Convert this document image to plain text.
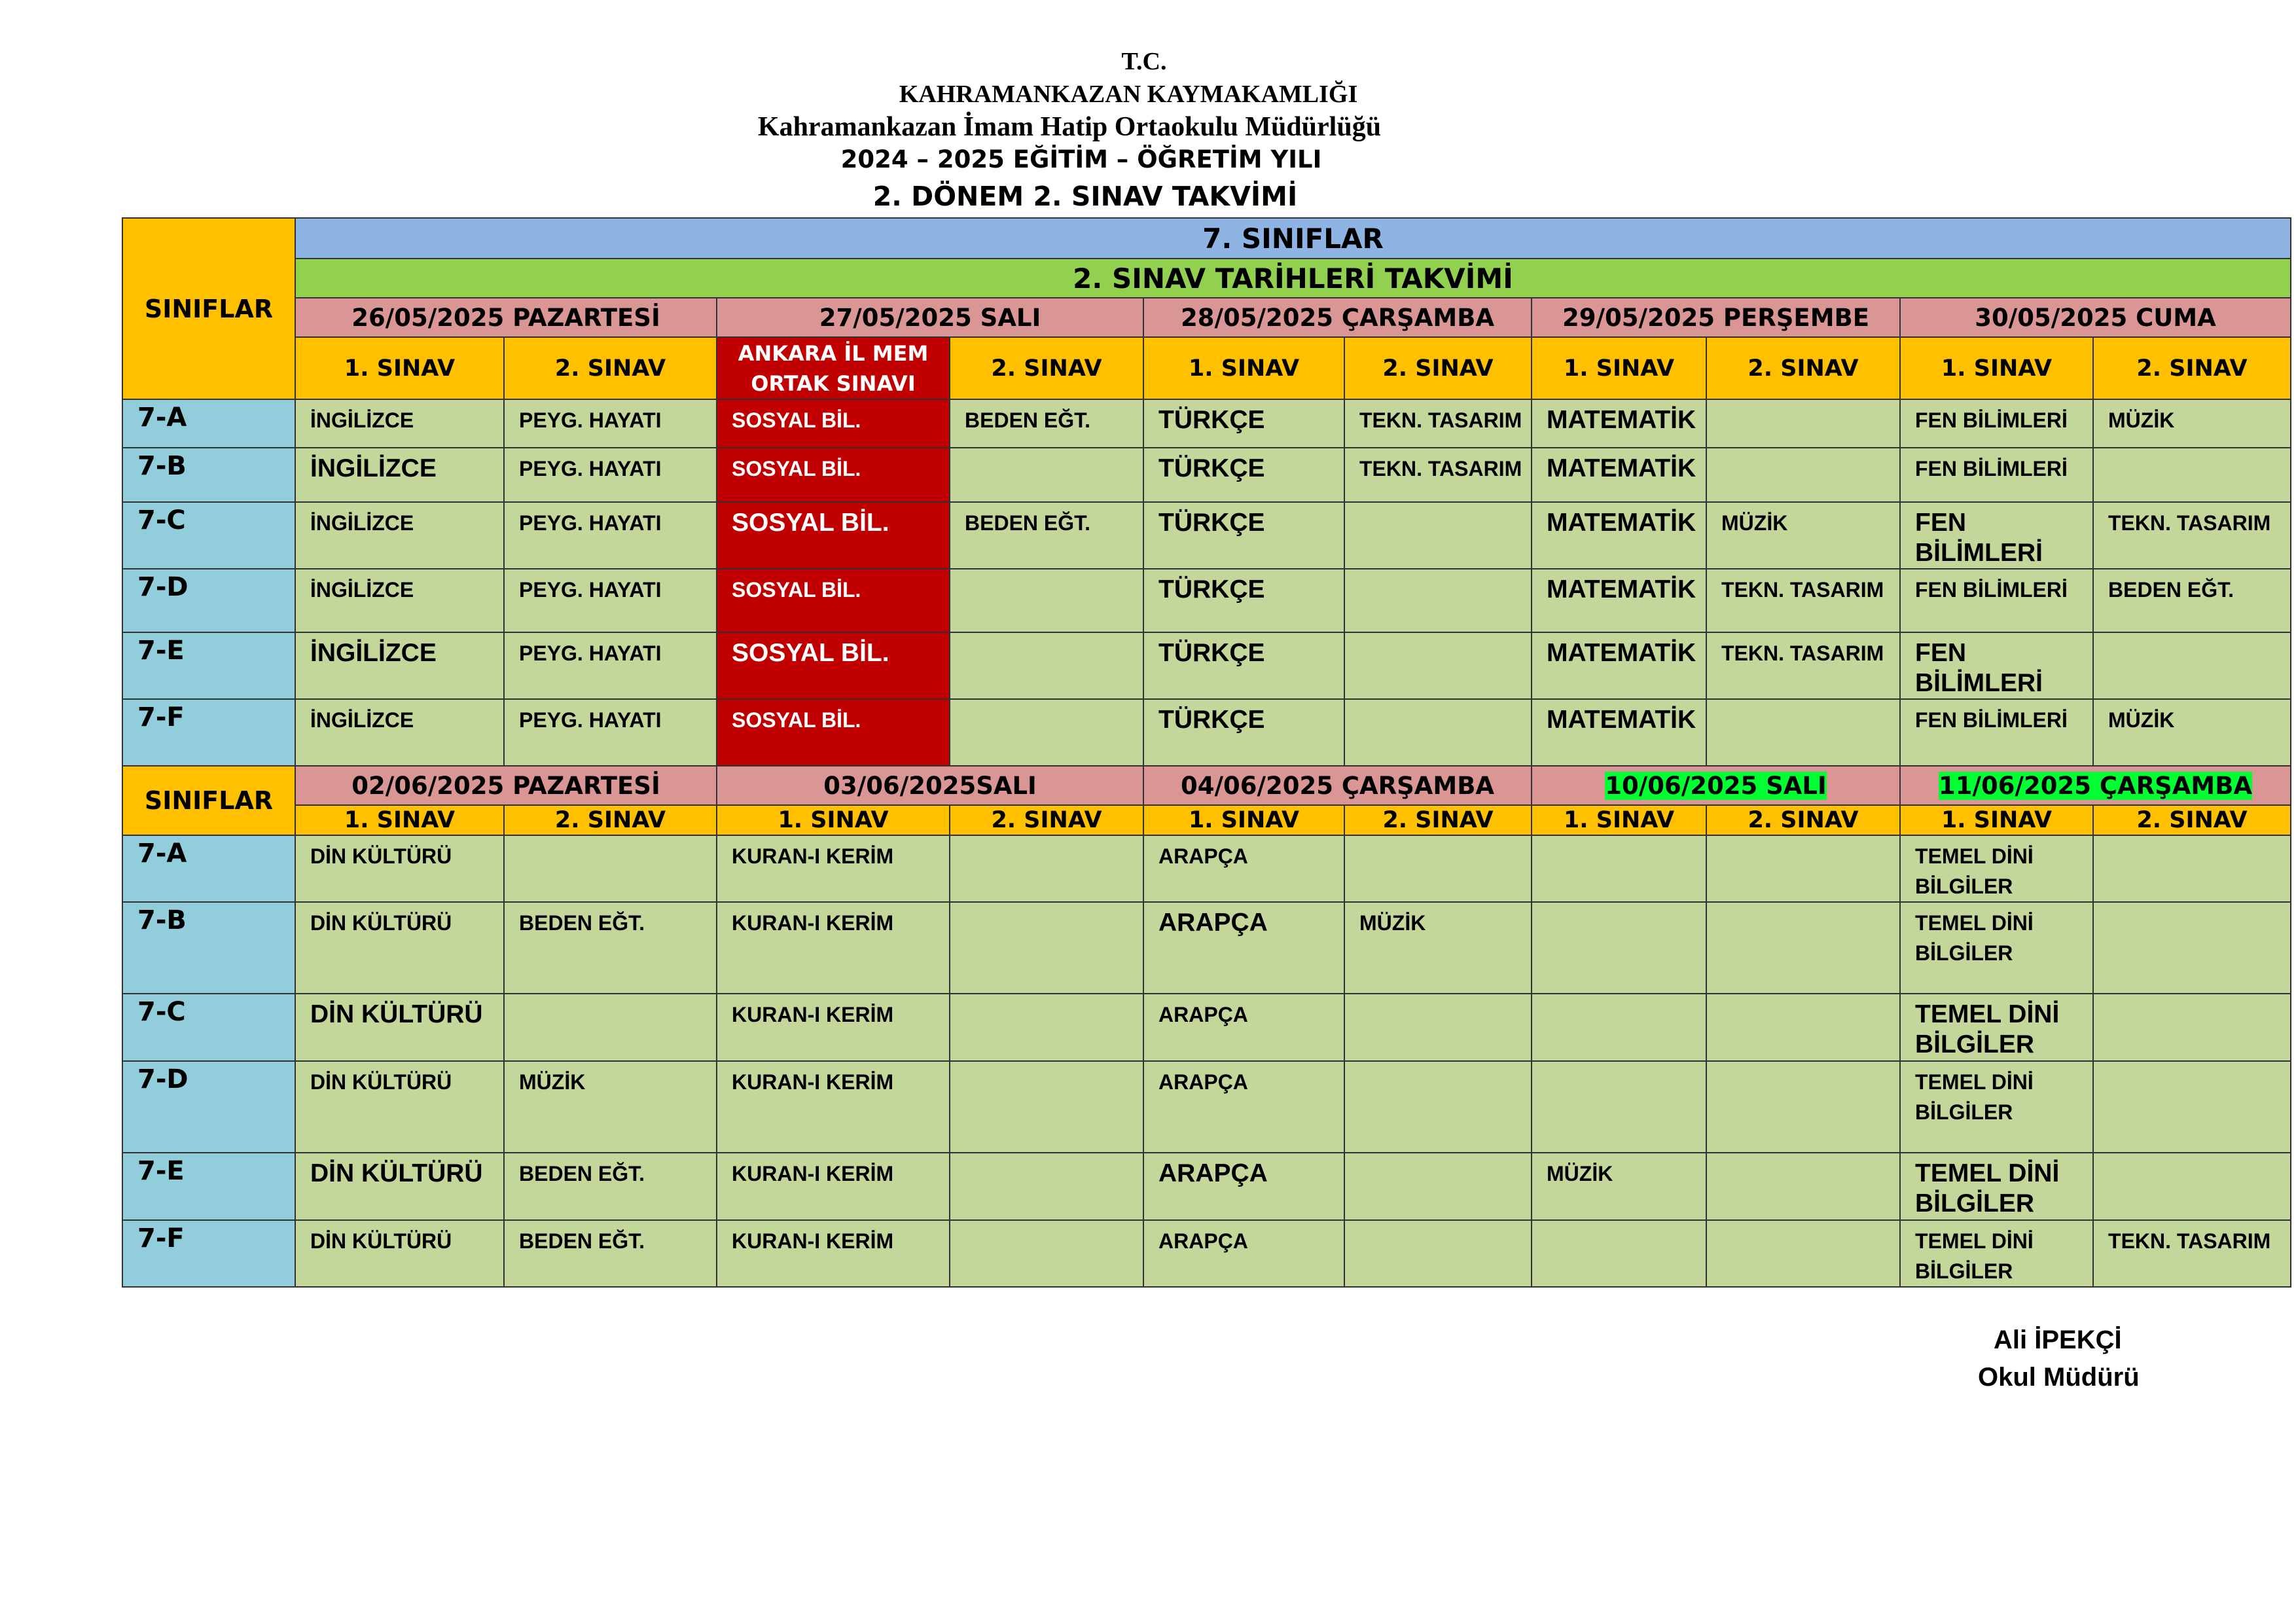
T.C.
KAHRAMANKAZAN KAYMAKAMLIĞI
Kahramankazan İmam Hatip Ortaokulu Müdürlüğü
2024 – 2025 EĞİTİM – ÖĞRETİM YILI
2. DÖNEM 2. SINAV TAKVİMİ
SINIFLAR	7. SINIFLAR									
	2. SINAV TARİHLERİ TAKVİMİ									
	26/05/2025 PAZARTESİ		27/05/2025 SALI		28/05/2025 ÇARŞAMBA		29/05/2025 PERŞEMBE		30/05/2025 CUMA	
	1. SINAV	2. SINAV	ANKARA İL MEM
ORTAK SINAVI	2. SINAV	1. SINAV	2. SINAV	1. SINAV	2. SINAV	1. SINAV	2. SINAV
7-A	İNGİLİZCE	PEYG. HAYATI	SOSYAL BİL.	BEDEN EĞT.	TÜRKÇE	TEKN. TASARIM	MATEMATİK		FEN BİLİMLERİ	MÜZİK
7-B	İNGİLİZCE	PEYG. HAYATI	SOSYAL BİL.		TÜRKÇE	TEKN. TASARIM	MATEMATİK		FEN BİLİMLERİ	
7-C	İNGİLİZCE	PEYG. HAYATI	SOSYAL BİL.	BEDEN EĞT.	TÜRKÇE		MATEMATİK	MÜZİK	FEN BİLİMLERİ	TEKN. TASARIM
7-D	İNGİLİZCE	PEYG. HAYATI	SOSYAL BİL.		TÜRKÇE		MATEMATİK	TEKN. TASARIM	FEN BİLİMLERİ	BEDEN EĞT.
7-E	İNGİLİZCE	PEYG. HAYATI	SOSYAL BİL.		TÜRKÇE		MATEMATİK	TEKN. TASARIM	FEN BİLİMLERİ	
7-F	İNGİLİZCE	PEYG. HAYATI	SOSYAL BİL.		TÜRKÇE		MATEMATİK		FEN BİLİMLERİ	MÜZİK
SINIFLAR	02/06/2025 PAZARTESİ		03/06/2025SALI		04/06/2025 ÇARŞAMBA		10/06/2025 SALI		11/06/2025 ÇARŞAMBA	
	1. SINAV	2. SINAV	1. SINAV	2. SINAV	1. SINAV	2. SINAV	1. SINAV	2. SINAV	1. SINAV	2. SINAV
7-A	DİN KÜLTÜRÜ		KURAN-I KERİM		ARAPÇA				TEMEL DİNİ BİLGİLER	
7-B	DİN KÜLTÜRÜ	BEDEN EĞT.	KURAN-I KERİM		ARAPÇA	MÜZİK			TEMEL DİNİ BİLGİLER	
7-C	DİN KÜLTÜRÜ		KURAN-I KERİM		ARAPÇA				TEMEL DİNİ BİLGİLER	
7-D	DİN KÜLTÜRÜ	MÜZİK	KURAN-I KERİM		ARAPÇA				TEMEL DİNİ BİLGİLER	
7-E	DİN KÜLTÜRÜ	BEDEN EĞT.	KURAN-I KERİM		ARAPÇA		MÜZİK		TEMEL DİNİ BİLGİLER	
7-F	DİN KÜLTÜRÜ	BEDEN EĞT.	KURAN-I KERİM		ARAPÇA				TEMEL DİNİ BİLGİLER	TEKN. TASARIM
Ali İPEKÇİ
Okul Müdürü
